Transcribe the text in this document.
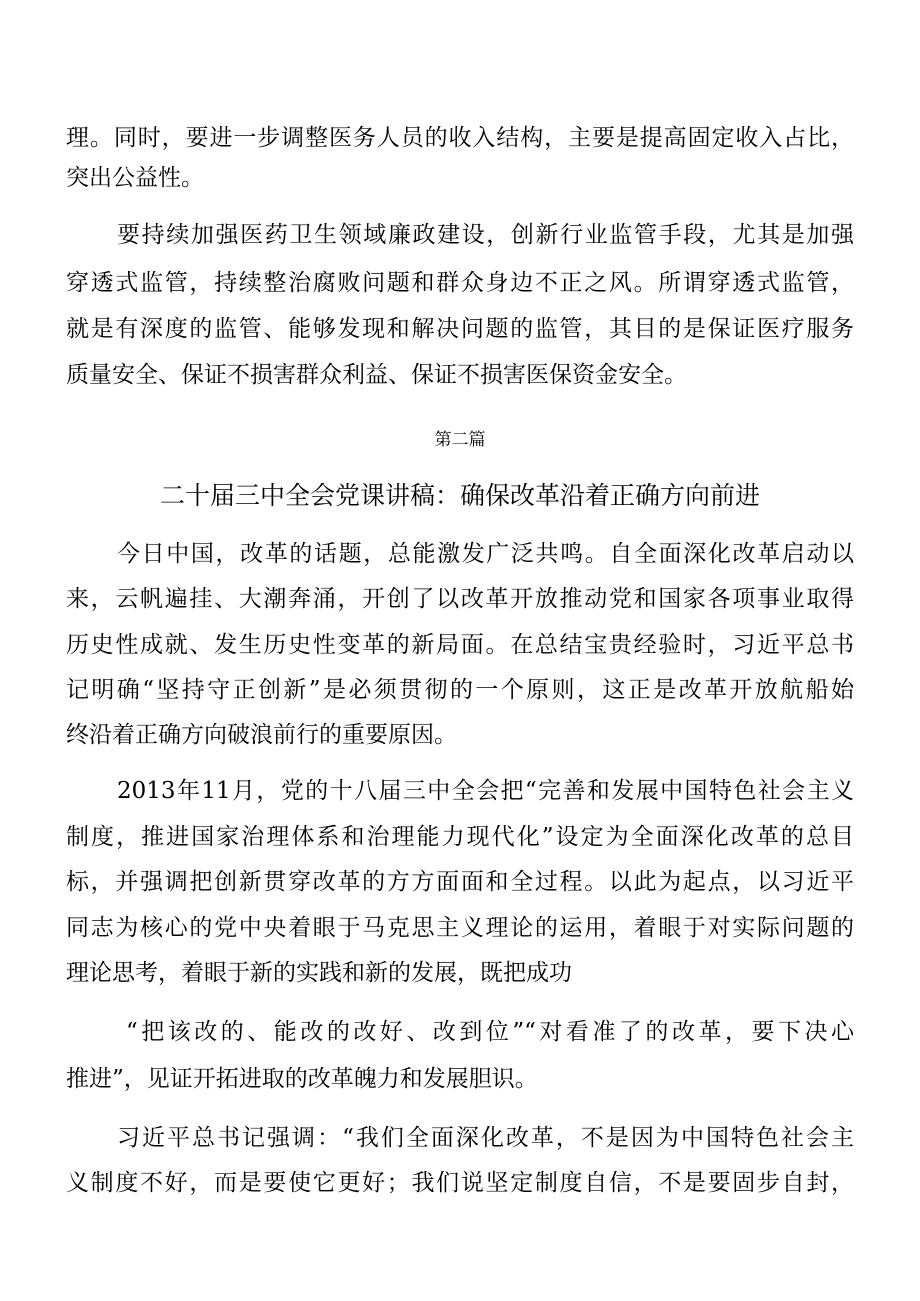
理。同时，要进一步调整医务人员的收入结构，主要是提高固定收入占比，
突出公益性。
要持续加强医药卫生领域廉政建设，创新行业监管手段，尤其是加强
穿透式监管，持续整治腐败问题和群众身边不正之风。所谓穿透式监管，
就是有深度的监管、能够发现和解决问题的监管，其目的是保证医疗服务
质量安全、保证不损害群众利益、保证不损害医保资金安全。
第二篇
二十届三中全会党课讲稿：确保改革沿着正确方向前进
今日中国，改革的话题，总能激发广泛共鸣。自全面深化改革启动以
来，云帆遍挂、大潮奔涌，开创了以改革开放推动党和国家各项事业取得
历史性成就、发生历史性变革的新局面。在总结宝贵经验时，习近平总书
记明确“坚持守正创新”是必须贯彻的一个原则，这正是改革开放航船始
终沿着正确方向破浪前行的重要原因。
2013年11月，党的十八届三中全会把“完善和发展中国特色社会主义
制度，推进国家治理体系和治理能力现代化”设定为全面深化改革的总目
标，并强调把创新贯穿改革的方方面面和全过程。以此为起点，以习近平
同志为核心的党中央着眼于马克思主义理论的运用，着眼于对实际问题的
理论思考，着眼于新的实践和新的发展，既把成功
“把该改的、能改的改好、改到位”“对看准了的改革，要下决心
推进”，见证开拓进取的改革魄力和发展胆识。
习近平总书记强调：“我们全面深化改革，不是因为中国特色社会主
义制度不好，而是要使它更好；我们说坚定制度自信，不是要固步自封，
